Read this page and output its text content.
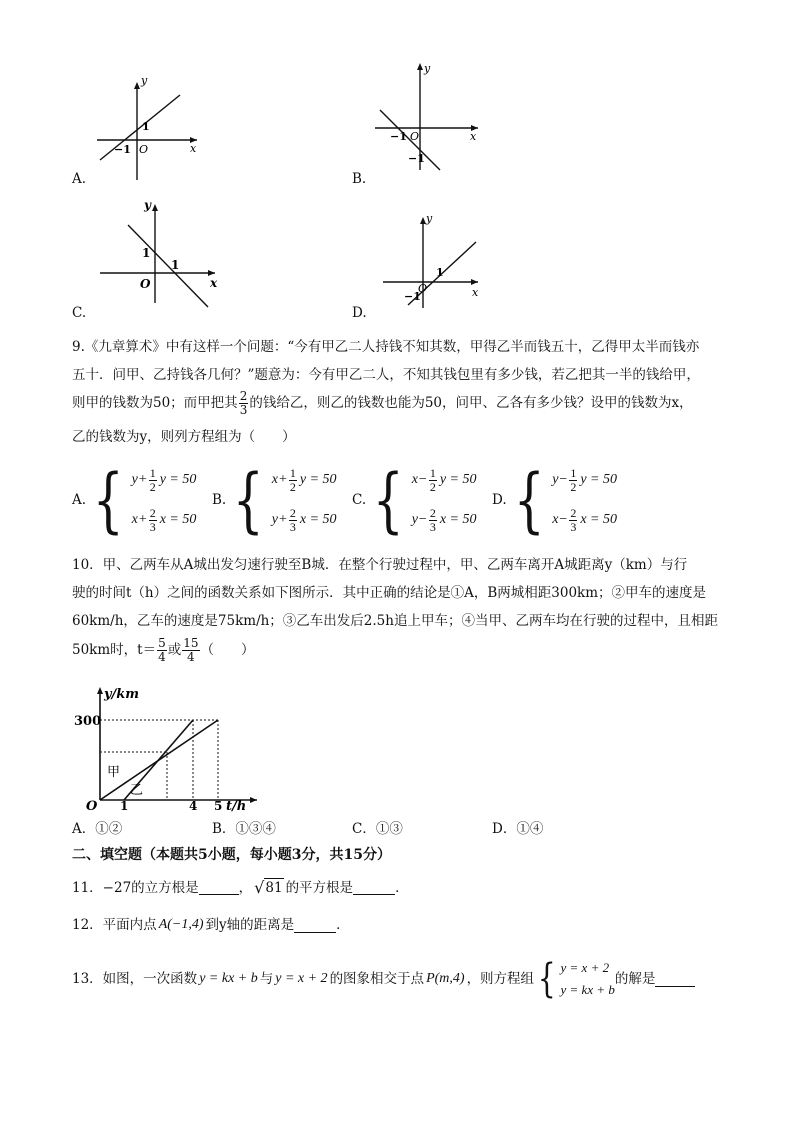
y
x
1
−1 O
A.
y
x
−1 O
−1
B.
y
x
1
O
1
C.
y
x
1
−1
O
D.
9.《九章算术》中有这样一个问题：“今有甲乙二人持钱不知其数，甲得乙半而钱五十，乙得甲太半而钱亦
五十．问甲、乙持钱各几何？”题意为：今有甲乙二人，不知其钱包里有多少钱，若乙把其一半的钱给甲，
则甲的钱数为50；而甲把其 $\frac{2}{3}$ 的钱给乙，则乙的钱数也能为50，问甲、乙各有多少钱？设甲的钱数为x，
乙的钱数为y，则列方程组为（　　）
A. { $y + \frac{1}{2}$ y = 50
$x + \frac{2}{3}$ x = 50
B. { $x + \frac{1}{2}$ y = 50
$y + \frac{2}{3}$ x = 50
C. { $x - \frac{1}{2}$ y = 50
$y - \frac{2}{3}$ x = 50
D. { $y - \frac{1}{2}$ y = 50
$x - \frac{2}{3}$ x = 50
10．甲、乙两车从A城出发匀速行驶至B城．在整个行驶过程中，甲、乙两车离开A城距离y（km）与行
驶的时间t（h）之间的函数关系如下图所示．其中正确的结论是①A，B两城相距300km；②甲车的速度是
60km/h，乙车的速度是75km/h；③乙车出发后2.5h追上甲车；④当甲、乙两车均在行驶的过程中，且相距
50km时，$t= \frac{5}{4}$ 或 $\frac{15}{4}$ （　　）
y/km
300
O 1	4 5 t/h
甲
乙
A．①②	B．①③④	C．①③	D．①④
二、填空题（本题共5小题，每小题3分，共15分）
11．−27的立方根是	， √ 81 的平方根是	．
12．平面内点 A(−1,4) 到y轴的距离是	．
13．如图，一次函数 y = kx + b 与 y = x + 2 的图象相交于点 P(m,4) ，则方程组 { y = x + 2
y = kx + b
的解是
